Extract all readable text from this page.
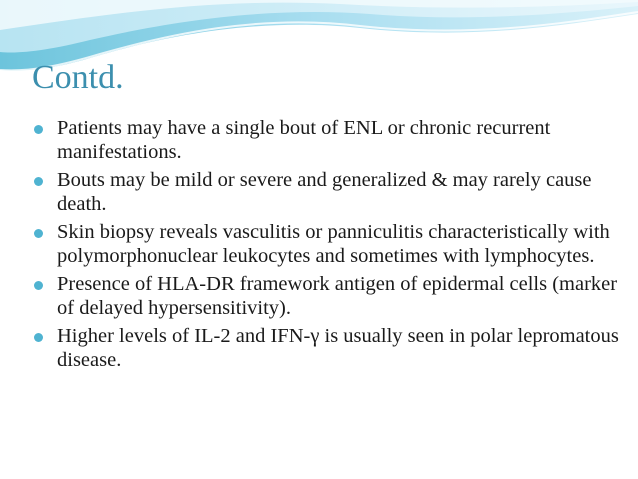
Contd.
Patients may have a single bout of ENL or chronic recurrent manifestations.
Bouts may be mild or severe and generalized & may rarely cause death.
Skin biopsy reveals vasculitis or panniculitis characteristically with polymorphonuclear leukocytes and sometimes with lymphocytes.
Presence of HLA-DR framework antigen of epidermal cells (marker of delayed hypersensitivity).
Higher levels of IL-2 and IFN-γ is usually seen in polar lepromatous disease.
